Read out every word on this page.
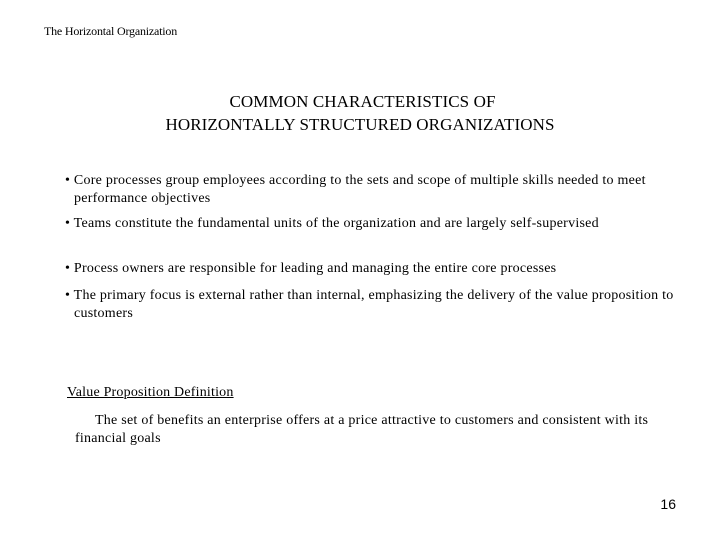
The Horizontal Organization
COMMON CHARACTERISTICS OF
HORIZONTALLY STRUCTURED ORGANIZATIONS
• Core processes group employees according to the sets and scope of multiple skills needed to meet performance objectives
• Teams constitute the fundamental units of the organization and are largely self-supervised
• Process owners are responsible for leading and managing the entire core processes
• The primary focus is external rather than internal, emphasizing the delivery of the value proposition to customers
Value Proposition Definition
The set of benefits an enterprise offers at a price attractive to customers and consistent with its financial goals
16
